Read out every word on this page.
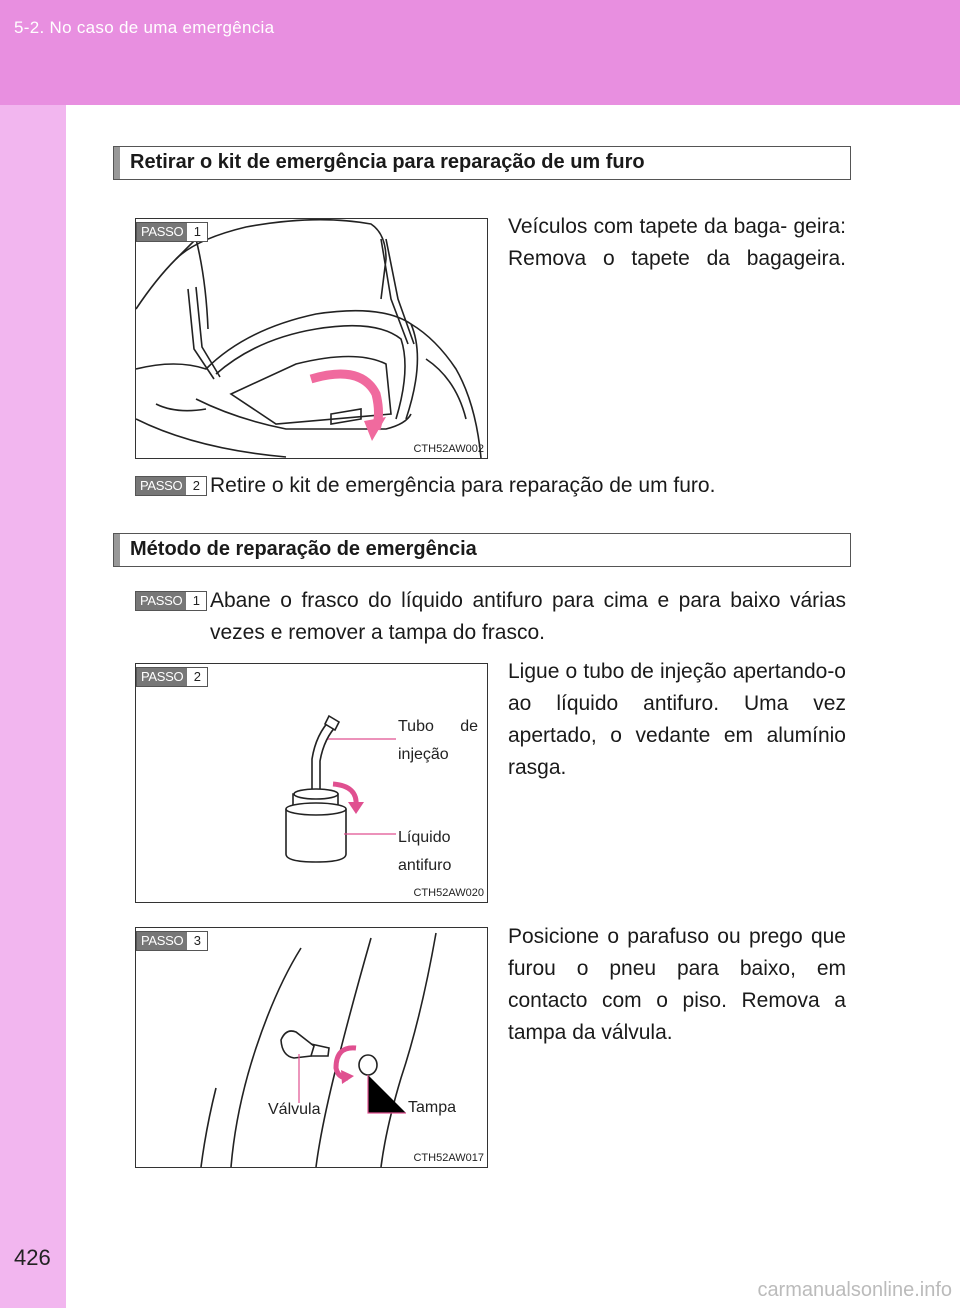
5-2. No caso de uma emergência
426
Retirar o kit de emergência para reparação de um furo
PASSO 1
CTH52AW002
Veículos com tapete da baga- geira: Remova o tapete da bagageira.
PASSO 2 Retire o kit de emergência para reparação de um furo.
Método de reparação de emergência
PASSO 1 Abane o frasco do líquido antifuro para cima e para baixo várias vezes e remover a tampa do frasco.
PASSO 2
Tubo de injeção
Líquido antifuro
CTH52AW020
Ligue o tubo de injeção apertando-o ao líquido antifuro. Uma vez apertado, o vedante em alumínio rasga.
PASSO 3
Válvula	Tampa
CTH52AW017
Posicione o parafuso ou prego que furou o pneu para baixo, em contacto com o piso. Remova a tampa da válvula.
carmanualsonline.info
